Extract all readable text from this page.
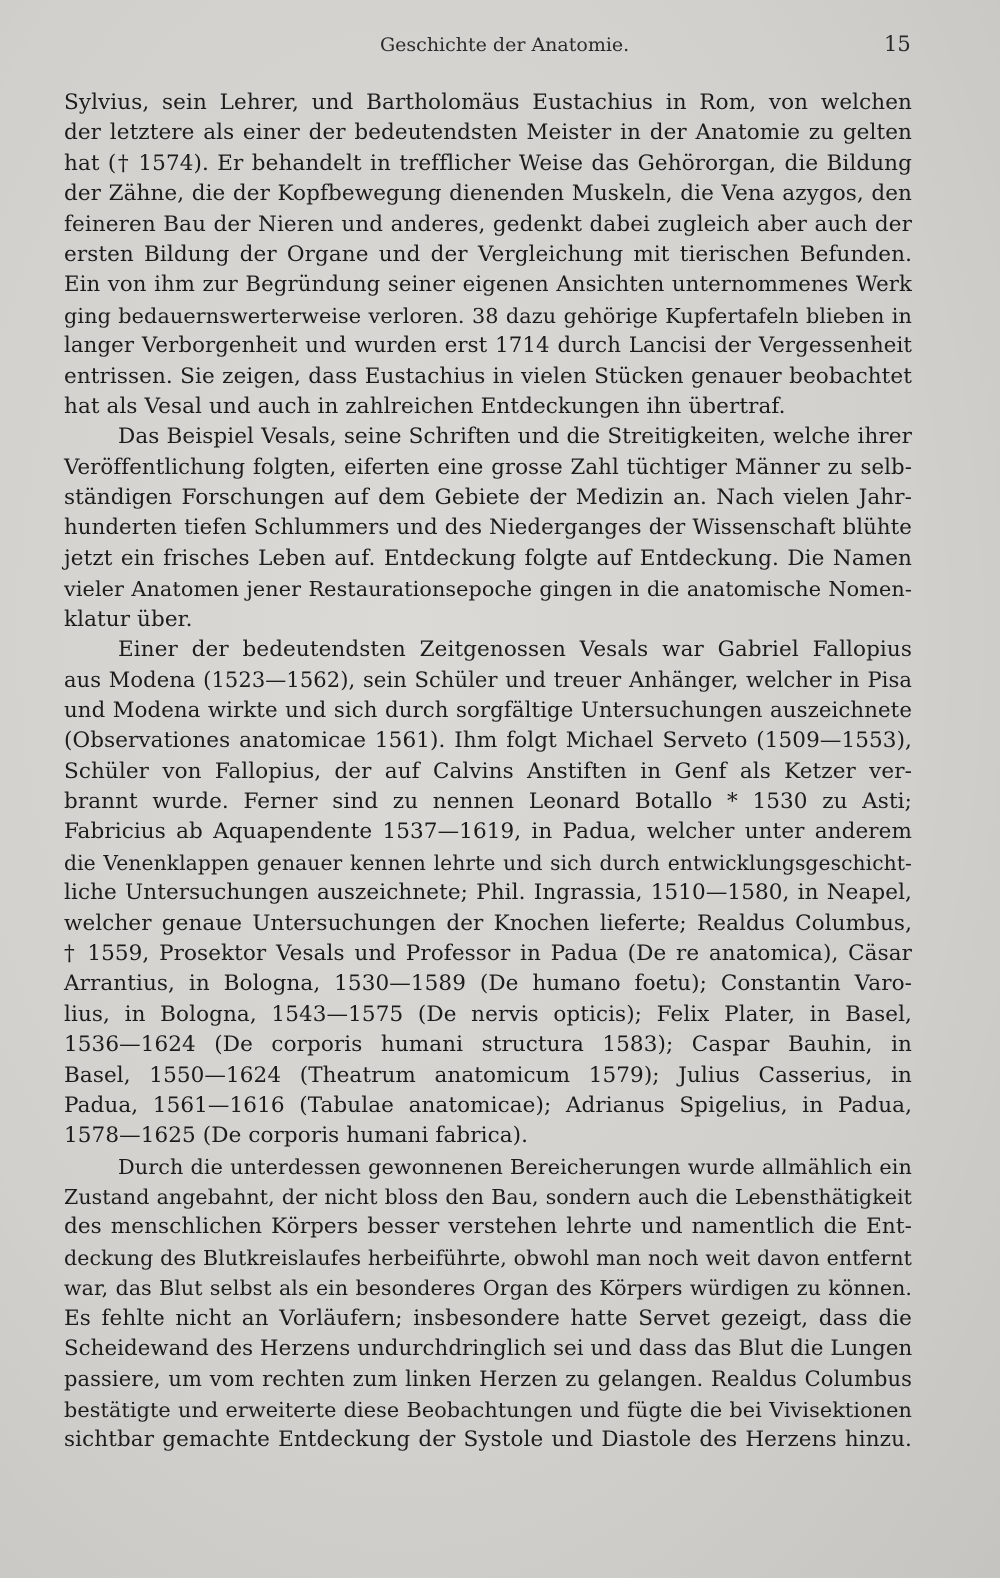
Geschichte der Anatomie.	15
Sylvius, sein Lehrer, und Bartholomäus Eustachius in Rom, von welchen
der letztere als einer der bedeutendsten Meister in der Anatomie zu gelten
hat († 1574). Er behandelt in trefflicher Weise das Gehörorgan, die Bildung
der Zähne, die der Kopfbewegung dienenden Muskeln, die Vena azygos, den
feineren Bau der Nieren und anderes, gedenkt dabei zugleich aber auch der
ersten Bildung der Organe und der Vergleichung mit tierischen Befunden.
Ein von ihm zur Begründung seiner eigenen Ansichten unternommenes Werk
ging bedauernswerterweise verloren. 38 dazu gehörige Kupfertafeln blieben in
langer Verborgenheit und wurden erst 1714 durch Lancisi der Vergessenheit
entrissen. Sie zeigen, dass Eustachius in vielen Stücken genauer beobachtet
hat als Vesal und auch in zahlreichen Entdeckungen ihn übertraf.
Das Beispiel Vesals, seine Schriften und die Streitigkeiten, welche ihrer
Veröffentlichung folgten, eiferten eine grosse Zahl tüchtiger Männer zu selb-
ständigen Forschungen auf dem Gebiete der Medizin an. Nach vielen Jahr-
hunderten tiefen Schlummers und des Niederganges der Wissenschaft blühte
jetzt ein frisches Leben auf. Entdeckung folgte auf Entdeckung. Die Namen
vieler Anatomen jener Restaurationsepoche gingen in die anatomische Nomen-
klatur über.
Einer der bedeutendsten Zeitgenossen Vesals war Gabriel Fallopius
aus Modena (1523—1562), sein Schüler und treuer Anhänger, welcher in Pisa
und Modena wirkte und sich durch sorgfältige Untersuchungen auszeichnete
(Observationes anatomicae 1561). Ihm folgt Michael Serveto (1509—1553),
Schüler von Fallopius, der auf Calvins Anstiften in Genf als Ketzer ver-
brannt wurde. Ferner sind zu nennen Leonard Botallo * 1530 zu Asti;
Fabricius ab Aquapendente 1537—1619, in Padua, welcher unter anderem
die Venenklappen genauer kennen lehrte und sich durch entwicklungsgeschicht-
liche Untersuchungen auszeichnete; Phil. Ingrassia, 1510—1580, in Neapel,
welcher genaue Untersuchungen der Knochen lieferte; Realdus Columbus,
† 1559, Prosektor Vesals und Professor in Padua (De re anatomica), Cäsar
Arrantius, in Bologna, 1530—1589 (De humano foetu); Constantin Varo-
lius, in Bologna, 1543—1575 (De nervis opticis); Felix Plater, in Basel,
1536—1624 (De corporis humani structura 1583); Caspar Bauhin, in
Basel, 1550—1624 (Theatrum anatomicum 1579); Julius Casserius, in
Padua, 1561—1616 (Tabulae anatomicae); Adrianus Spigelius, in Padua,
1578—1625 (De corporis humani fabrica).
Durch die unterdessen gewonnenen Bereicherungen wurde allmählich ein
Zustand angebahnt, der nicht bloss den Bau, sondern auch die Lebensthätigkeit
des menschlichen Körpers besser verstehen lehrte und namentlich die Ent-
deckung des Blutkreislaufes herbeiführte, obwohl man noch weit davon entfernt
war, das Blut selbst als ein besonderes Organ des Körpers würdigen zu können.
Es fehlte nicht an Vorläufern; insbesondere hatte Servet gezeigt, dass die
Scheidewand des Herzens undurchdringlich sei und dass das Blut die Lungen
passiere, um vom rechten zum linken Herzen zu gelangen. Realdus Columbus
bestätigte und erweiterte diese Beobachtungen und fügte die bei Vivisektionen
sichtbar gemachte Entdeckung der Systole und Diastole des Herzens hinzu.
